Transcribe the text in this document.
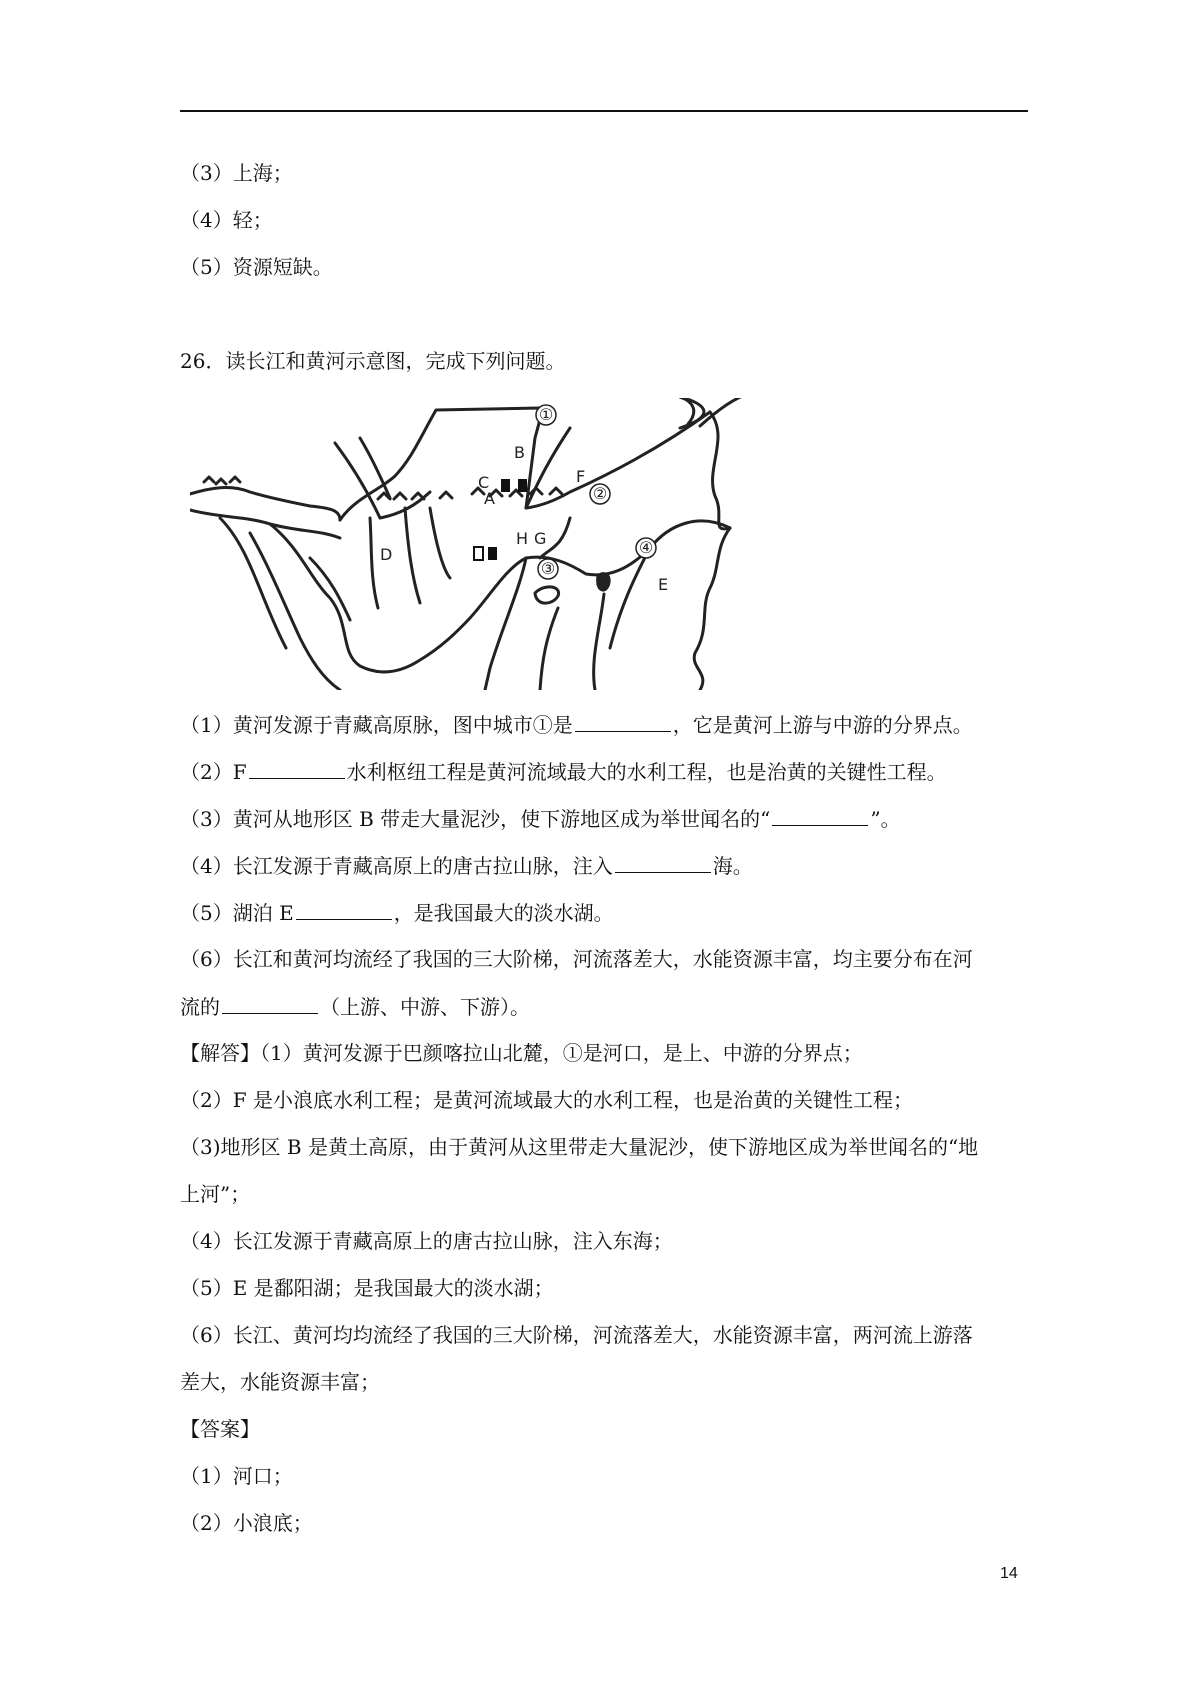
（3）上海；
（4）轻；
（5）资源短缺。
26．读长江和黄河示意图，完成下列问题。
①
②
③
④
B
C
A
F
D
H G
E
（1）黄河发源于青藏高原脉，图中城市①是	，它是黄河上游与中游的分界点。
（2）F	水利枢纽工程是黄河流域最大的水利工程，也是治黄的关键性工程。
（3）黄河从地形区 B 带走大量泥沙，使下游地区成为举世闻名的“	”。
（4）长江发源于青藏高原上的唐古拉山脉，注入	海。
（5）湖泊 E	，是我国最大的淡水湖。
（6）长江和黄河均流经了我国的三大阶梯，河流落差大，水能资源丰富，均主要分布在河
流的	（上游、中游、下游）。
【解答】（1）黄河发源于巴颜喀拉山北麓，①是河口，是上、中游的分界点；
（2）F 是小浪底水利工程；是黄河流域最大的水利工程，也是治黄的关键性工程；
（3)地形区 B 是黄土高原，由于黄河从这里带走大量泥沙，使下游地区成为举世闻名的“地
上河”；
（4）长江发源于青藏高原上的唐古拉山脉，注入东海；
（5）E 是鄱阳湖；是我国最大的淡水湖；
（6）长江、黄河均均流经了我国的三大阶梯，河流落差大，水能资源丰富，两河流上游落
差大，水能资源丰富；
【答案】
（1）河口；
（2）小浪底；
14
